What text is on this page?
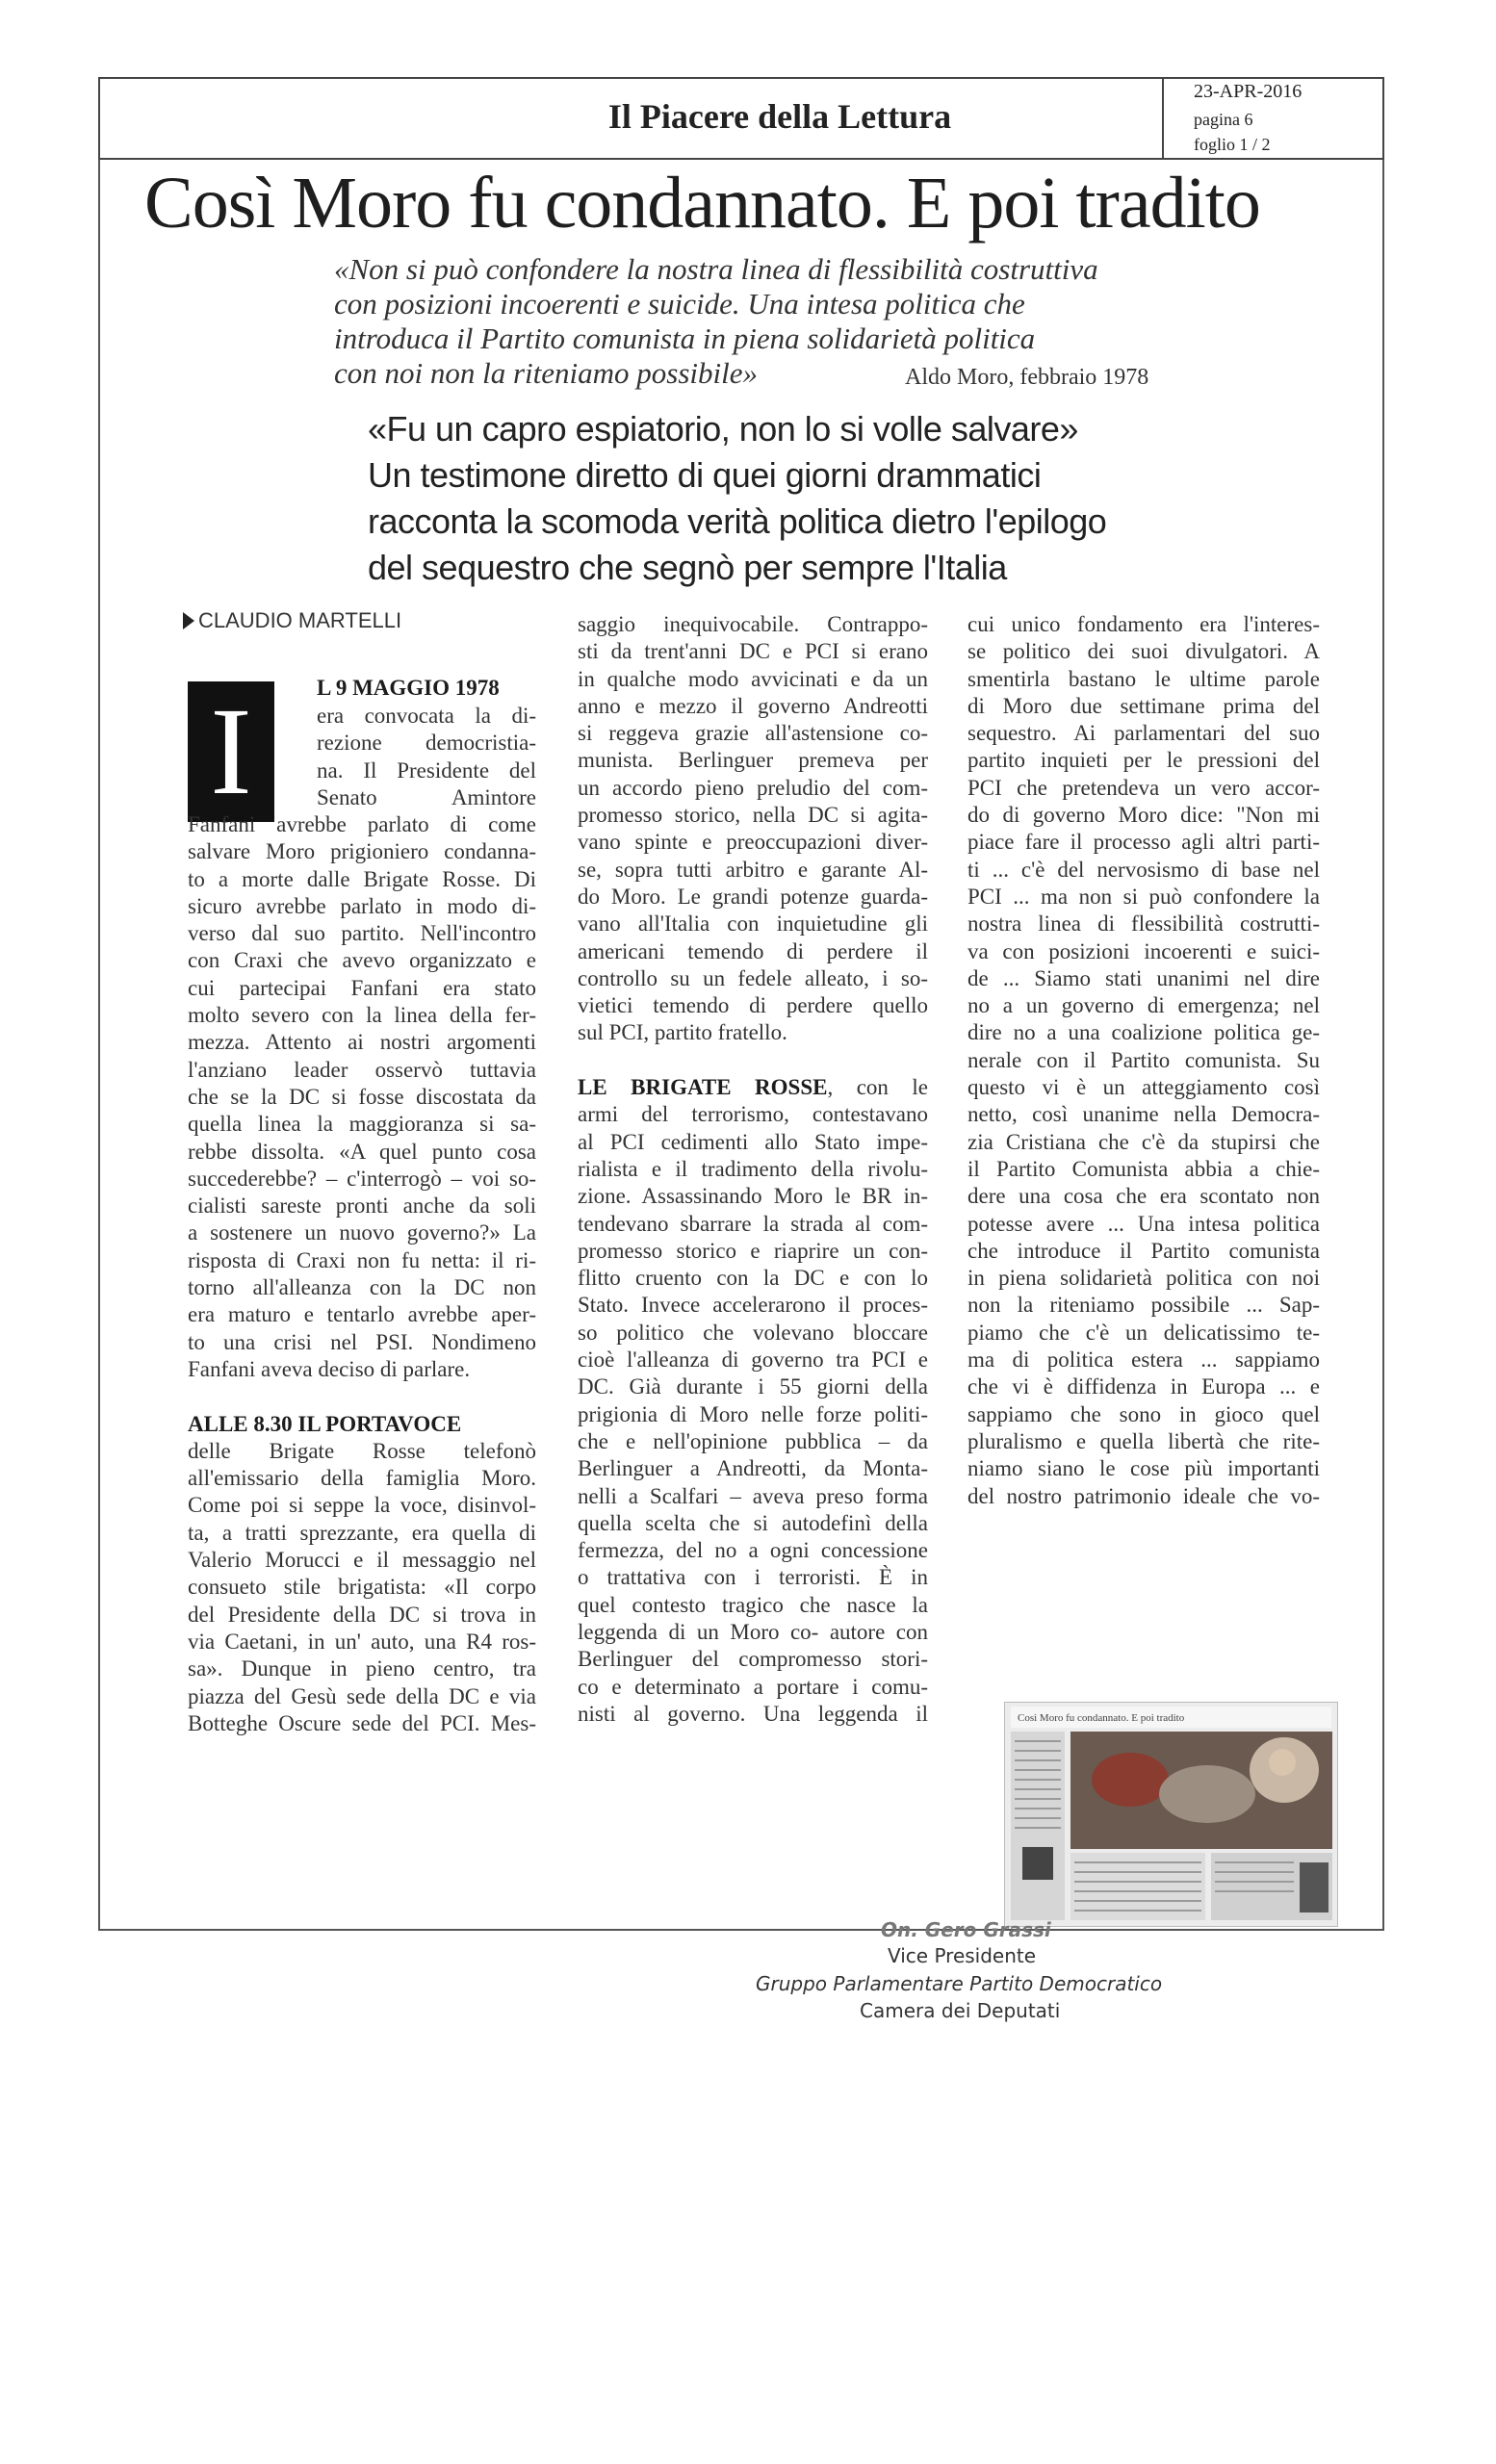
Il Piacere della Lettura
23-APR-2016
pagina 6
foglio 1 / 2
Così Moro fu condannato. E poi tradito
«Non si può confondere la nostra linea di flessibilità costruttiva
con posizioni incoerenti e suicide. Una intesa politica che
introduca il Partito comunista in piena solidarietà politica
con noi non la riteniamo possibile»	Aldo Moro, febbraio 1978
«Fu un capro espiatorio, non lo si volle salvare»
Un testimone diretto di quei giorni drammatici
racconta la scomoda verità politica dietro l'epilogo
del sequestro che segnò per sempre l'Italia
CLAUDIO MARTELLI
I	L 9 MAGGIO 1978
era convocata la di-
rezione democristia-
na. Il Presidente del
Senato Amintore
Fanfani avrebbe parlato di come
salvare Moro prigioniero condanna-
to a morte dalle Brigate Rosse. Di
sicuro avrebbe parlato in modo di-
verso dal suo partito. Nell'incontro
con Craxi che avevo organizzato e
cui partecipai Fanfani era stato
molto severo con la linea della fer-
mezza. Attento ai nostri argomenti
l'anziano leader osservò tuttavia
che se la DC si fosse discostata da
quella linea la maggioranza si sa-
rebbe dissolta. «A quel punto cosa
succederebbe? – c'interrogò – voi so-
cialisti sareste pronti anche da soli
a sostenere un nuovo governo?» La
risposta di Craxi non fu netta: il ri-
torno all'alleanza con la DC non
era maturo e tentarlo avrebbe aper-
to una crisi nel PSI. Nondimeno
Fanfani aveva deciso di parlare.
ALLE 8.30 IL PORTAVOCE
delle Brigate Rosse telefonò
all'emissario della famiglia Moro.
Come poi si seppe la voce, disinvol-
ta, a tratti sprezzante, era quella di
Valerio Morucci e il messaggio nel
consueto stile brigatista: «Il corpo
del Presidente della DC si trova in
via Caetani, in un' auto, una R4 ros-
sa». Dunque in pieno centro, tra
piazza del Gesù sede della DC e via
Botteghe Oscure sede del PCI. Mes-
saggio inequivocabile. Contrappo-
sti da trent'anni DC e PCI si erano
in qualche modo avvicinati e da un
anno e mezzo il governo Andreotti
si reggeva grazie all'astensione co-
munista. Berlinguer premeva per
un accordo pieno preludio del com-
promesso storico, nella DC si agita-
vano spinte e preoccupazioni diver-
se, sopra tutti arbitro e garante Al-
do Moro. Le grandi potenze guarda-
vano all'Italia con inquietudine gli
americani temendo di perdere il
controllo su un fedele alleato, i so-
vietici temendo di perdere quello
sul PCI, partito fratello.
LE BRIGATE ROSSE, con le
armi del terrorismo, contestavano
al PCI cedimenti allo Stato impe-
rialista e il tradimento della rivolu-
zione. Assassinando Moro le BR in-
tendevano sbarrare la strada al com-
promesso storico e riaprire un con-
flitto cruento con la DC e con lo
Stato. Invece accelerarono il proces-
so politico che volevano bloccare
cioè l'alleanza di governo tra PCI e
DC. Già durante i 55 giorni della
prigionia di Moro nelle forze politi-
che e nell'opinione pubblica – da
Berlinguer a Andreotti, da Monta-
nelli a Scalfari – aveva preso forma
quella scelta che si autodefinì della
fermezza, del no a ogni concessione
o trattativa con i terroristi. È in
quel contesto tragico che nasce la
leggenda di un Moro co- autore con
Berlinguer del compromesso stori-
co e determinato a portare i comu-
nisti al governo. Una leggenda il
cui unico fondamento era l'interes-
se politico dei suoi divulgatori. A
smentirla bastano le ultime parole
di Moro due settimane prima del
sequestro. Ai parlamentari del suo
partito inquieti per le pressioni del
PCI che pretendeva un vero accor-
do di governo Moro dice: "Non mi
piace fare il processo agli altri parti-
ti ... c'è del nervosismo di base nel
PCI ... ma non si può confondere la
nostra linea di flessibilità costrutti-
va con posizioni incoerenti e suici-
de ... Siamo stati unanimi nel dire
no a un governo di emergenza; nel
dire no a una coalizione politica ge-
nerale con il Partito comunista. Su
questo vi è un atteggiamento così
netto, così unanime nella Democra-
zia Cristiana che c'è da stupirsi che
il Partito Comunista abbia a chie-
dere una cosa che era scontato non
potesse avere ... Una intesa politica
che introduce il Partito comunista
in piena solidarietà politica con noi
non la riteniamo possibile ... Sap-
piamo che c'è un delicatissimo te-
ma di politica estera ... sappiamo
che vi è diffidenza in Europa ... e
sappiamo che sono in gioco quel
pluralismo e quella libertà che rite-
niamo siano le cose più importanti
del nostro patrimonio ideale che vo-
Così Moro fu condannato. E poi tradito
On. Gero Grassi
Vice Presidente
Gruppo Parlamentare Partito Democratico
Camera dei Deputati
